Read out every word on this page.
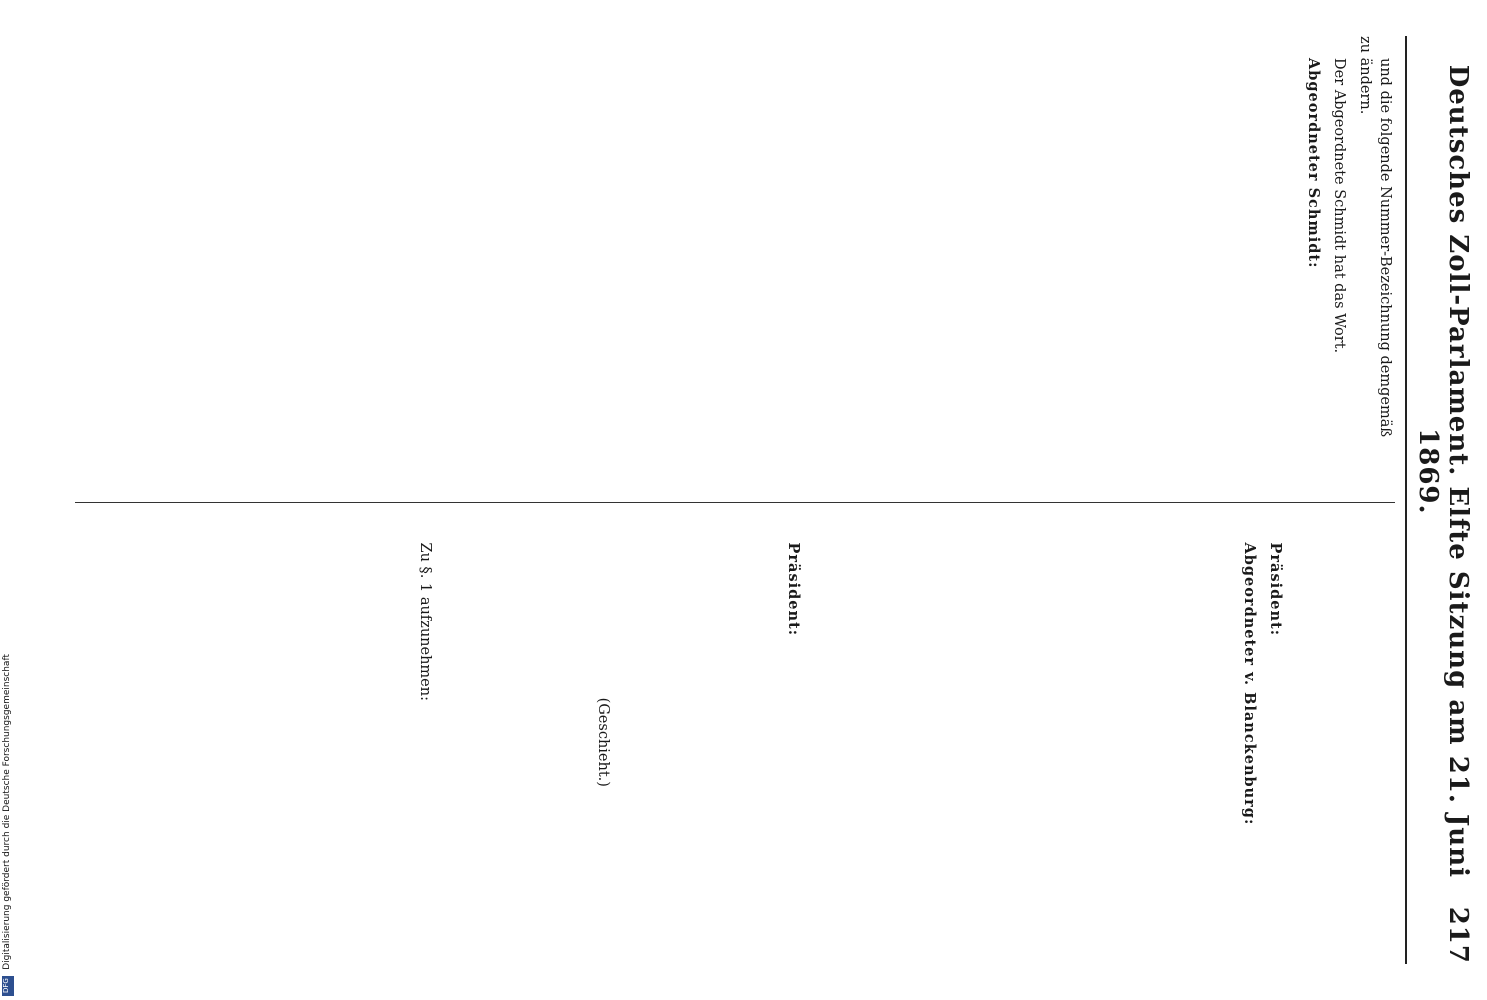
Digitalisierung gefördert durch die Deutsche Forschungsgemeinschaft
DFG
Deutsches Zoll-Parlament. Elfte Sitzung am 21. Juni 1869.
217

und die folgende Nummer-Bezeichnung demgemäß
zu ändern.

Der Abgeordnete Schmidt hat das Wort.

Abgeordneter Schmidt:

Präsident:

Abgeordneter v. Blanckenburg:

Präsident:

(Geschieht.)

Zu §. 1 aufzunehmen:
